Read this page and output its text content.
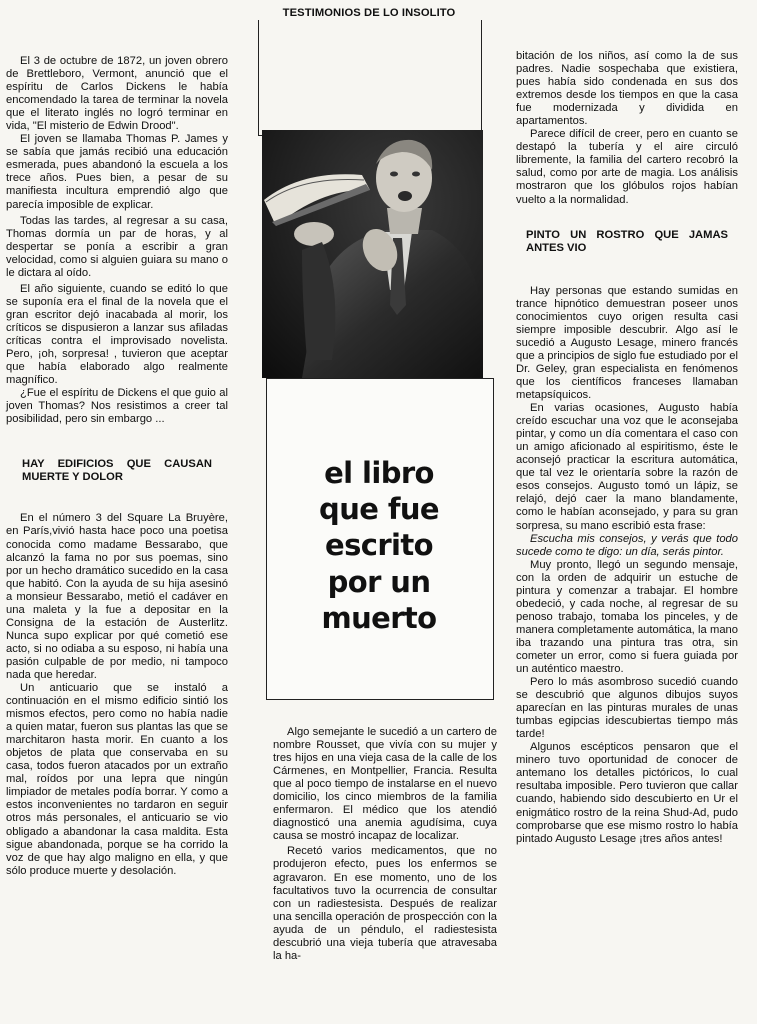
TESTIMONIOS DE LO INSOLITO
el libro
que fue
escrito
por un
muerto

El 3 de octubre de 1872, un joven obrero de Brettleboro, Vermont, anunció que el espíritu de Carlos Dickens le había encomendado la tarea de terminar la novela que el literato inglés no logró terminar en vida, "El misterio de Edwin Drood".

El joven se llamaba Thomas P. James y se sabía que jamás recibió una educación esmerada, pues abandonó la escuela a los trece años. Pues bien, a pesar de su manifiesta incultura emprendió algo que parecía imposible de explicar.

Todas las tardes, al regresar a su casa, Thomas dormía un par de horas, y al despertar se ponía a escribir a gran velocidad, como si alguien guiara su mano o le dictara al oído.

El año siguiente, cuando se editó lo que se suponía era el final de la novela que el gran escritor dejó inacabada al morir, los críticos se dispusieron a lanzar sus afiladas críticas contra el improvisado novelista. Pero, ¡oh, sorpresa! , tuvieron que aceptar que había elaborado algo realmente magnífico.

¿Fue el espíritu de Dickens el que guio al joven Thomas? Nos resistimos a creer tal posibilidad, pero sin embargo ...

HAY EDIFICIOS QUE CAUSAN MUERTE Y DOLOR

En el número 3 del Square La Bruyère, en París,vivió hasta hace poco una poetisa conocida como madame Bessarabo, que alcanzó la fama no por sus poemas, sino por un hecho dramático sucedido en la casa que habitó. Con la ayuda de su hija asesinó a monsieur Bessarabo, metió el cadáver en una maleta y la fue a depositar en la Consigna de la estación de Austerlitz. Nunca supo explicar por qué cometió ese acto, si no odiaba a su esposo, ni había una pasión culpable de por medio, ni tampoco nada que heredar.

Un anticuario que se instaló a continuación en el mismo edificio sintió los mismos efectos, pero como no había nadie a quien matar, fueron sus plantas las que se marchitaron hasta morir. En cuanto a los objetos de plata que conservaba en su casa, todos fueron atacados por un extraño mal, roídos por una lepra que ningún limpiador de metales podía borrar. Y como a estos inconvenientes no tardaron en seguir otros más personales, el anticuario se vio obligado a abandonar la casa maldita. Esta sigue abandonada, porque se ha corrido la voz de que hay algo maligno en ella, y que sólo produce muerte y desolación.

Algo semejante le sucedió a un cartero de nombre Rousset, que vivía con su mujer y tres hijos en una vieja casa de la calle de los Cármenes, en Montpellier, Francia. Resulta que al poco tiempo de instalarse en el nuevo domicilio, los cinco miembros de la familia enfermaron. El médico que los atendió diagnosticó una anemia agudísima, cuya causa se mostró incapaz de localizar.

Recetó varios medicamentos, que no produjeron efecto, pues los enfermos se agravaron. En ese momento, uno de los facultativos tuvo la ocurrencia de consultar con un radiestesista. Después de realizar una sencilla operación de prospección con la ayuda de un péndulo, el radiestesista descubrió una vieja tubería que atravesaba la ha-

bitación de los niños, así como la de sus padres. Nadie sospechaba que existiera, pues había sido condenada en sus dos extremos desde los tiempos en que la casa fue modernizada y dividida en apartamentos.

Parece difícil de creer, pero en cuanto se destapó la tubería y el aire circuló libremente, la familia del cartero recobró la salud, como por arte de magia. Los análisis mostraron que los glóbulos rojos habían vuelto a la normalidad.

PINTO UN ROSTRO QUE JAMAS ANTES VIO

Hay personas que estando sumidas en trance hipnótico demuestran poseer unos conocimientos cuyo origen resulta casi siempre imposible descubrir. Algo así le sucedió a Augusto Lesage, minero francés que a principios de siglo fue estudiado por el Dr. Geley, gran especialista en fenómenos que los científicos franceses llamaban metapsíquicos.

En varias ocasiones, Augusto había creído escuchar una voz que le aconsejaba pintar, y como un día comentara el caso con un amigo aficionado al espiritismo, éste le aconsejó practicar la escritura automática, que tal vez le orientaría sobre la razón de esos consejos. Augusto tomó un lápiz, se relajó, dejó caer la mano blandamente, como le habían aconsejado, y para su gran sorpresa, su mano escribió esta frase:

Escucha mis consejos, y verás que todo sucede como te digo: un día, serás pintor.

Muy pronto, llegó un segundo mensaje, con la orden de adquirir un estuche de pintura y comenzar a trabajar. El hombre obedeció, y cada noche, al regresar de su penoso trabajo, tomaba los pinceles, y de manera completamente automática, la mano iba trazando una pintura tras otra, sin cometer un error, como si fuera guiada por un auténtico maestro.

Pero lo más asombroso sucedió cuando se descubrió que algunos dibujos suyos aparecían en las pinturas murales de unas tumbas egipcias idescubiertas tiempo más tarde!

Algunos escépticos pensaron que el minero tuvo oportunidad de conocer de antemano los detalles pictóricos, lo cual resultaba imposible. Pero tuvieron que callar cuando, habiendo sido descubierto en Ur el enigmático rostro de la reina Shud-Ad, pudo comprobarse que ese mismo rostro lo había pintado Augusto Lesage ¡tres años antes!
